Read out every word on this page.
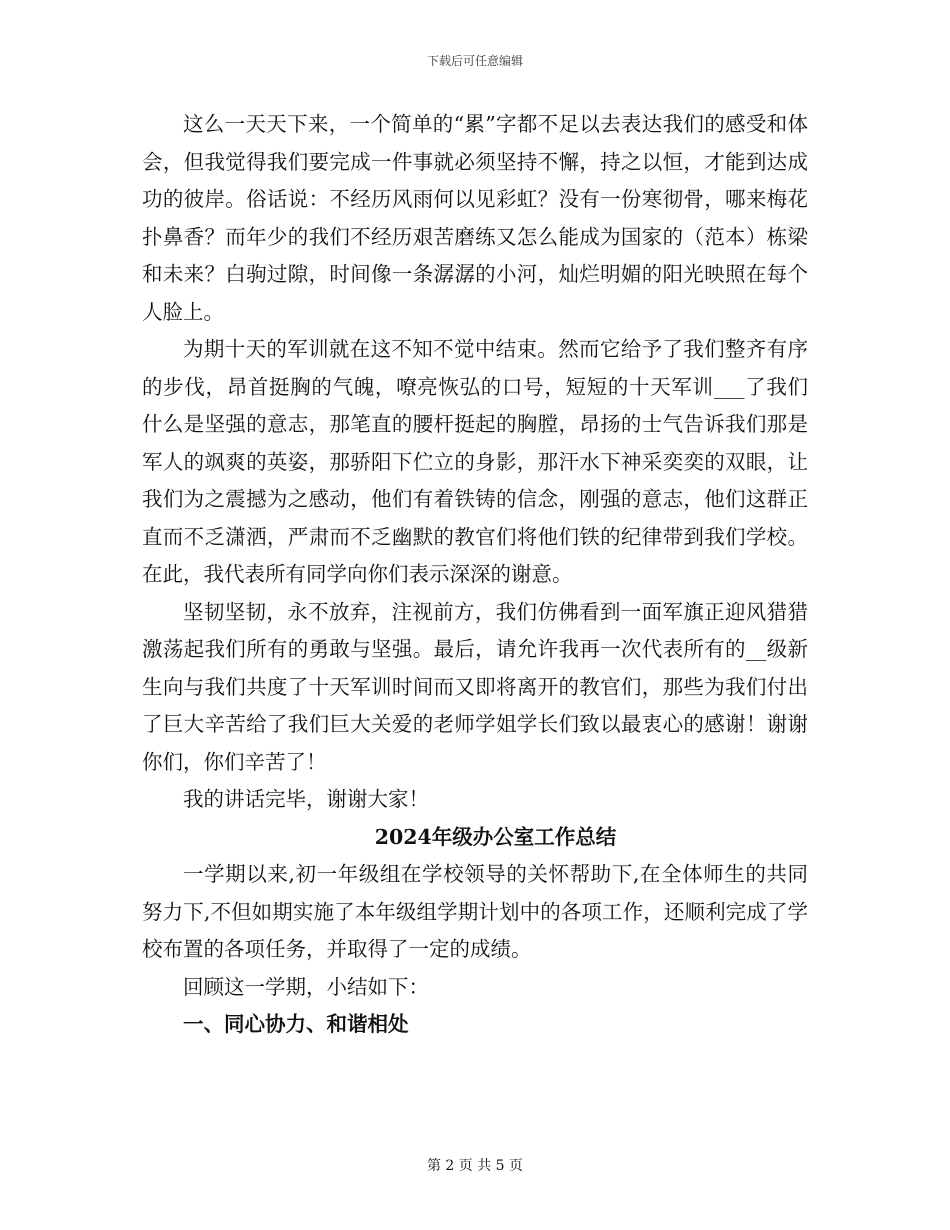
下载后可任意编辑

这么一天天下来，一个简单的“累”字都不足以去表达我们的感受和体会，但我觉得我们要完成一件事就必须坚持不懈，持之以恒，才能到达成功的彼岸。俗话说：不经历风雨何以见彩虹？没有一份寒彻骨，哪来梅花扑鼻香？而年少的我们不经历艰苦磨练又怎么能成为国家的（范本）栋梁和未来？白驹过隙，时间像一条潺潺的小河，灿烂明媚的阳光映照在每个人脸上。

为期十天的军训就在这不知不觉中结束。然而它给予了我们整齐有序的步伐，昂首挺胸的气魄，嘹亮恢弘的口号，短短的十天军训___了我们什么是坚强的意志，那笔直的腰杆挺起的胸膛，昂扬的士气告诉我们那是军人的飒爽的英姿，那骄阳下伫立的身影，那汗水下神采奕奕的双眼，让我们为之震撼为之感动，他们有着铁铸的信念，刚强的意志，他们这群正直而不乏潇洒，严肃而不乏幽默的教官们将他们铁的纪律带到我们学校。在此，我代表所有同学向你们表示深深的谢意。

坚韧坚韧，永不放弃，注视前方，我们仿佛看到一面军旗正迎风猎猎激荡起我们所有的勇敢与坚强。最后，请允许我再一次代表所有的__级新生向与我们共度了十天军训时间而又即将离开的教官们，那些为我们付出了巨大辛苦给了我们巨大关爱的老师学姐学长们致以最衷心的感谢！谢谢你们，你们辛苦了！

我的讲话完毕，谢谢大家！

2024年级办公室工作总结

一学期以来,初一年级组在学校领导的关怀帮助下,在全体师生的共同努力下,不但如期实施了本年级组学期计划中的各项工作，还顺利完成了学校布置的各项任务，并取得了一定的成绩。

回顾这一学期，小结如下：

一、同心协力、和谐相处
第 2 页 共 5 页
